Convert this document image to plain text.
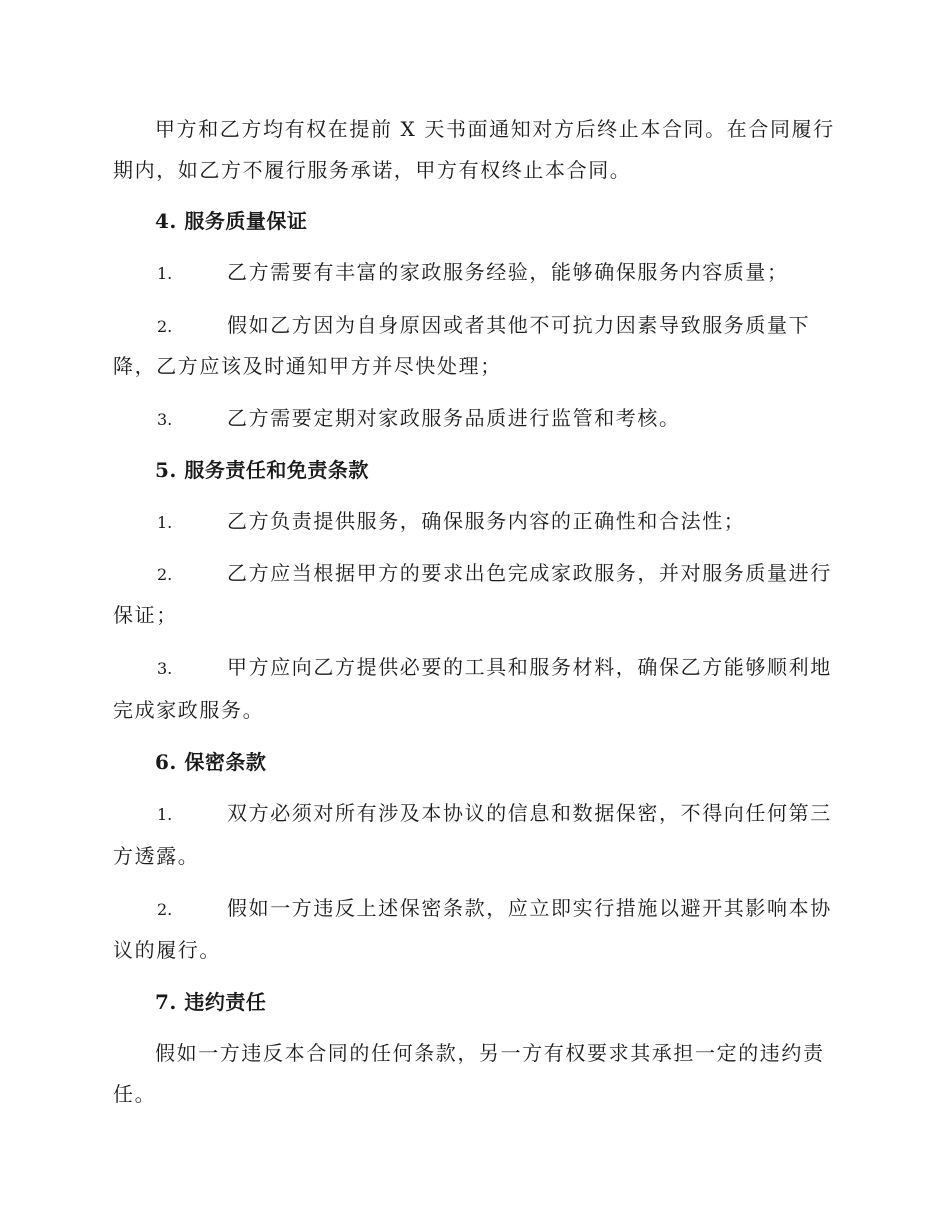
甲方和乙方均有权在提前 X 天书面通知对方后终止本合同。在合同履行
期内，如乙方不履行服务承诺，甲方有权终止本合同。
4. 服务质量保证
1.	乙方需要有丰富的家政服务经验，能够确保服务内容质量；
2.	假如乙方因为自身原因或者其他不可抗力因素导致服务质量下
降，乙方应该及时通知甲方并尽快处理；
3.	乙方需要定期对家政服务品质进行监管和考核。
5. 服务责任和免责条款
1.	乙方负责提供服务，确保服务内容的正确性和合法性；
2.	乙方应当根据甲方的要求出色完成家政服务，并对服务质量进行
保证；
3.	甲方应向乙方提供必要的工具和服务材料，确保乙方能够顺利地
完成家政服务。
6. 保密条款
1.	双方必须对所有涉及本协议的信息和数据保密，不得向任何第三
方透露。
2.	假如一方违反上述保密条款，应立即实行措施以避开其影响本协
议的履行。
7. 违约责任
假如一方违反本合同的任何条款，另一方有权要求其承担一定的违约责
任。
